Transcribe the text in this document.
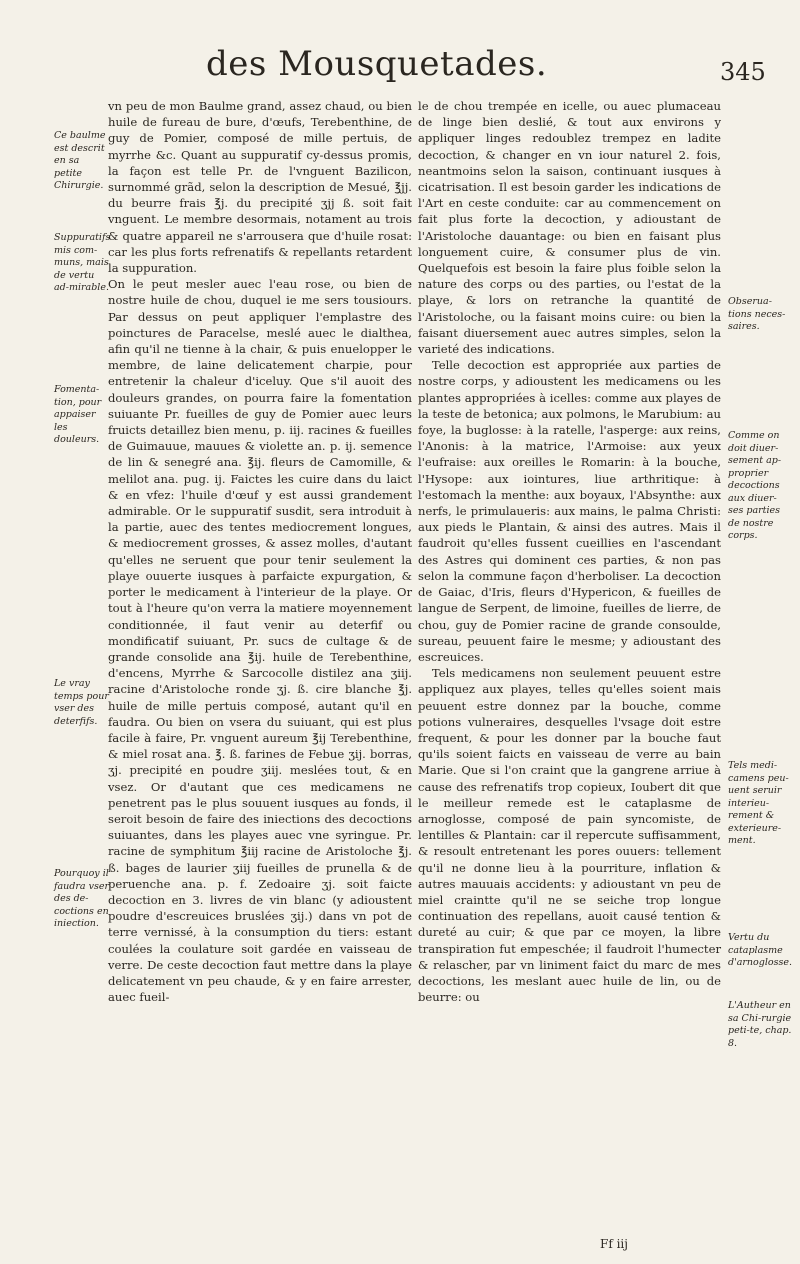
des Mousquetades.	345
Ce baulme est descrit en sa petite Chirurgie.
Suppuratifs mis com-muns, mais de vertu ad-mirable.
Fomenta-tion, pour appaiser les douleurs.
Le vray temps pour vser des deterfifs.
Pourquoy il faudra vser des de-coctions en iniection.
Obserua-tions neces-saires.
Comme on doit diuer-sement ap-proprier decoctions aux diuer-ses parties de nostre corps.
Tels medi-camens peu-uent seruir interieu-rement & exterieure-ment.
Vertu du cataplasme d'arnoglosse.
L'Autheur en sa Chi-rurgie peti-te, chap. 8.

vn peu de mon Baulme grand, assez chaud, ou bien huile de fureau de bure, d'œufs, Terebenthine, de guy de Pomier, composé de mille pertuis, de myrrhe &c. Quant au suppuratif cy-dessus promis, la façon est telle Pr. de l'vnguent Bazilicon, surnommé grãd, selon la description de Mesué, ℥jj. du beurre frais ℥j. du precipité ʒjj ß. soit fait vnguent. Le membre desormais, notament au trois & quatre appareil ne s'arrousera que d'huile rosat: car les plus forts refrenatifs & repellants retardent la suppuration.

On le peut mesler auec l'eau rose, ou bien de nostre huile de chou, duquel ie me sers tousiours. Par dessus on peut appliquer l'emplastre des poinctures de Paracelse, meslé auec le dialthea, afin qu'il ne tienne à la chair, & puis enuelopper le membre, de laine delicatement charpie, pour entretenir la chaleur d'iceluy. Que s'il auoit des douleurs grandes, on pourra faire la fomentation suiuante Pr. fueilles de guy de Pomier auec leurs fruicts detaillez bien menu, p. iij. racines & fueilles de Guimauue, mauues & violette an. p. ij. semence de lin & senegré ana. ℥ij. fleurs de Camomille, & melilot ana. pug. ij. Faictes les cuire dans du laict & en vfez: l'huile d'œuf y est aussi grandement admirable. Or le suppuratif susdit, sera introduit à la partie, auec des tentes mediocrement longues, & mediocrement grosses, & assez molles, d'autant qu'elles ne seruent que pour tenir seulement la playe ouuerte iusques à parfaicte expurgation, & porter le medicament à l'interieur de la playe. Or tout à l'heure qu'on verra la matiere moyennement conditionnée, il faut venir au deterfif ou mondificatif suiuant, Pr. sucs de cultage & de grande consolide ana ℥ij. huile de Terebenthine, d'encens, Myrrhe & Sarcocolle distilez ana ʒiij. racine d'Aristoloche ronde ʒj. ß. cire blanche ℥j. huile de mille pertuis composé, autant qu'il en faudra. Ou bien on vsera du suiuant, qui est plus facile à faire, Pr. vnguent aureum ℥ij Terebenthine, & miel rosat ana. ℥. ß. farines de Febue ʒij. borras, ʒj. precipité en poudre ʒiij. meslées tout, & en vsez. Or d'autant que ces medicamens ne penetrent pas le plus souuent iusques au fonds, il seroit besoin de faire des iniections des decoctions suiuantes, dans les playes auec vne syringue. Pr. racine de symphitum ℥iij racine de Aristoloche ℥j. ß. bages de laurier ʒiij fueilles de prunella & de peruenche ana. p. f. Zedoaire ʒj. soit faicte decoction en 3. livres de vin blanc (y adioustent poudre d'escreuices bruslées ʒij.) dans vn pot de terre vernissé, à la consumption du tiers: estant coulées la coulature soit gardée en vaisseau de verre. De ceste decoction faut mettre dans la playe delicatement vn peu chaude, & y en faire arrester, auec fueil-

le de chou trempée en icelle, ou auec plumaceau de linge bien deslié, & tout aux environs y appliquer linges redoublez trempez en ladite decoction, & changer en vn iour naturel 2. fois, neantmoins selon la saison, continuant iusques à cicatrisation. Il est besoin garder les indications de l'Art en ceste conduite: car au commencement on fait plus forte la decoction, y adioustant de l'Aristoloche dauantage: ou bien en faisant plus longuement cuire, & consumer plus de vin. Quelquefois est besoin la faire plus foible selon la nature des corps ou des parties, ou l'estat de la playe, & lors on retranche la quantité de l'Aristoloche, ou la faisant moins cuire: ou bien la faisant diuersement auec autres simples, selon la varieté des indications.

Telle decoction est appropriée aux parties de nostre corps, y adioustent les medicamens ou les plantes appropriées à icelles: comme aux playes de la teste de betonica; aux polmons, le Marubium: au foye, la buglosse: à la ratelle, l'asperge: aux reins, l'Anonis: à la matrice, l'Armoise: aux yeux l'eufraise: aux oreilles le Romarin: à la bouche, l'Hysope: aux iointures, liue arthritique: à l'estomach la menthe: aux boyaux, l'Absynthe: aux nerfs, le primulaueris: aux mains, le palma Christi: aux pieds le Plantain, & ainsi des autres. Mais il faudroit qu'elles fussent cueillies en l'ascendant des Astres qui dominent ces parties, & non pas selon la commune façon d'herboliser. La decoction de Gaiac, d'Iris, fleurs d'Hypericon, & fueilles de langue de Serpent, de limoine, fueilles de lierre, de chou, guy de Pomier racine de grande consoulde, sureau, peuuent faire le mesme; y adioustant des escreuices.

Tels medicamens non seulement peuuent estre appliquez aux playes, telles qu'elles soient mais peuuent estre donnez par la bouche, comme potions vulneraires, desquelles l'vsage doit estre frequent, & pour les donner par la bouche faut qu'ils soient faicts en vaisseau de verre au bain Marie. Que si l'on craint que la gangrene arriue à cause des refrenatifs trop copieux, Ioubert dit que le meilleur remede est le cataplasme de arnoglosse, composé de pain syncomiste, de lentilles & Plantain: car il repercute suffisamment, & resoult entretenant les pores ouuers: tellement qu'il ne donne lieu à la pourriture, inflation & autres mauuais accidents: y adioustant vn peu de miel craintte qu'il ne se seiche trop longue continuation des repellans, auoit causé tention & dureté au cuir; & que par ce moyen, la libre transpiration fut empeschée; il faudroit l'humecter & relascher, par vn liniment faict du marc de mes decoctions, les meslant auec huile de lin, ou de beurre: ou

Ff iij
